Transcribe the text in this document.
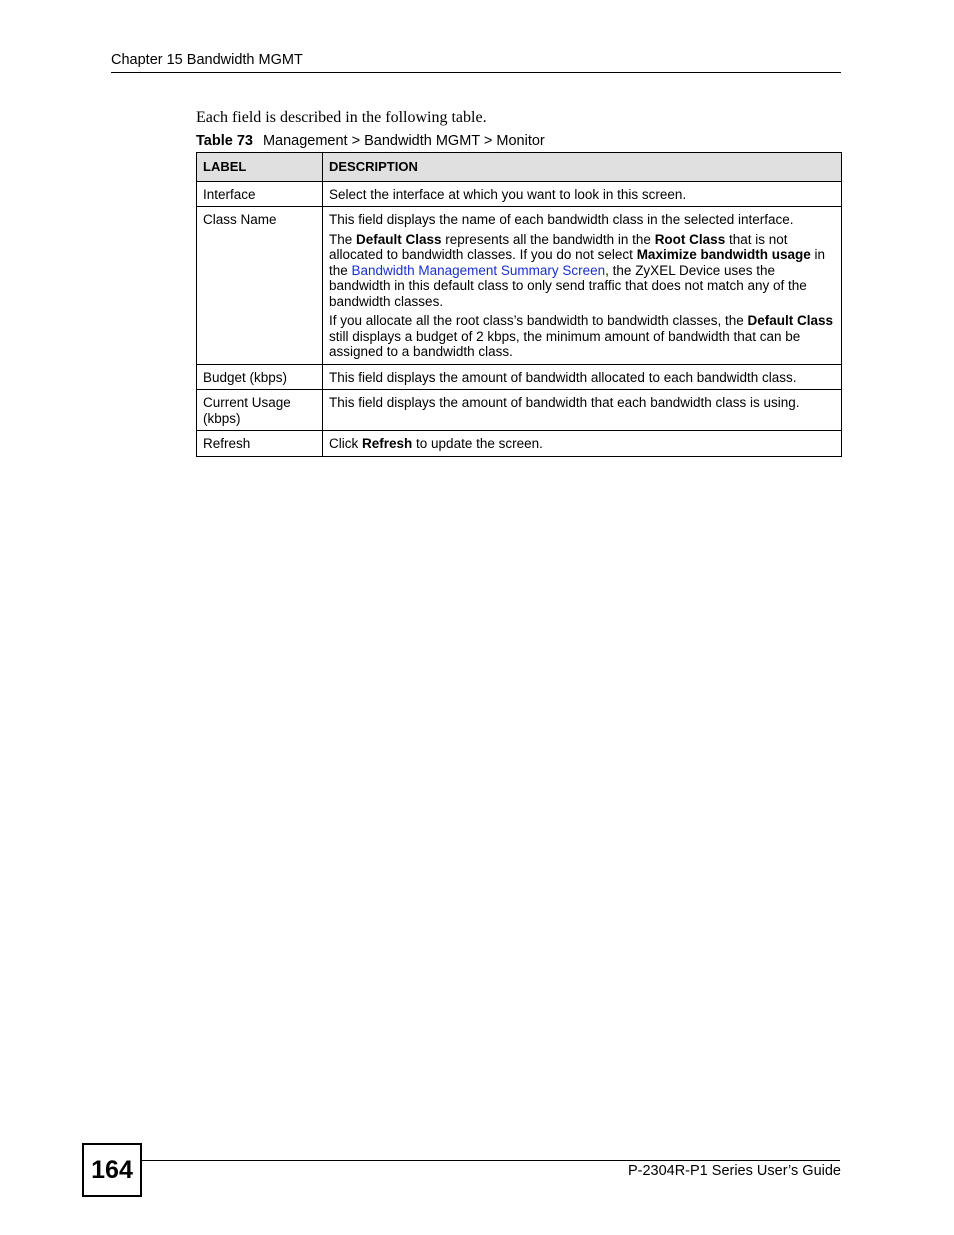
Chapter 15 Bandwidth MGMT
Each field is described in the following table.
Table 73 Management > Bandwidth MGMT > Monitor
LABEL	DESCRIPTION
Interface	Select the interface at which you want to look in this screen.
Class Name	This field displays the name of each bandwidth class in the selected interface.

The Default Class represents all the bandwidth in the Root Class that is not allocated to bandwidth classes. If you do not select Maximize bandwidth usage in the Bandwidth Management Summary Screen, the ZyXEL Device uses the bandwidth in this default class to only send traffic that does not match any of the bandwidth classes.

If you allocate all the root class’s bandwidth to bandwidth classes, the Default Class still displays a budget of 2 kbps, the minimum amount of bandwidth that can be assigned to a bandwidth class.

Budget (kbps)	This field displays the amount of bandwidth allocated to each bandwidth class.
Current Usage (kbps)	This field displays the amount of bandwidth that each bandwidth class is using.
Refresh	Click Refresh to update the screen.
164	P-2304R-P1 Series User’s Guide
